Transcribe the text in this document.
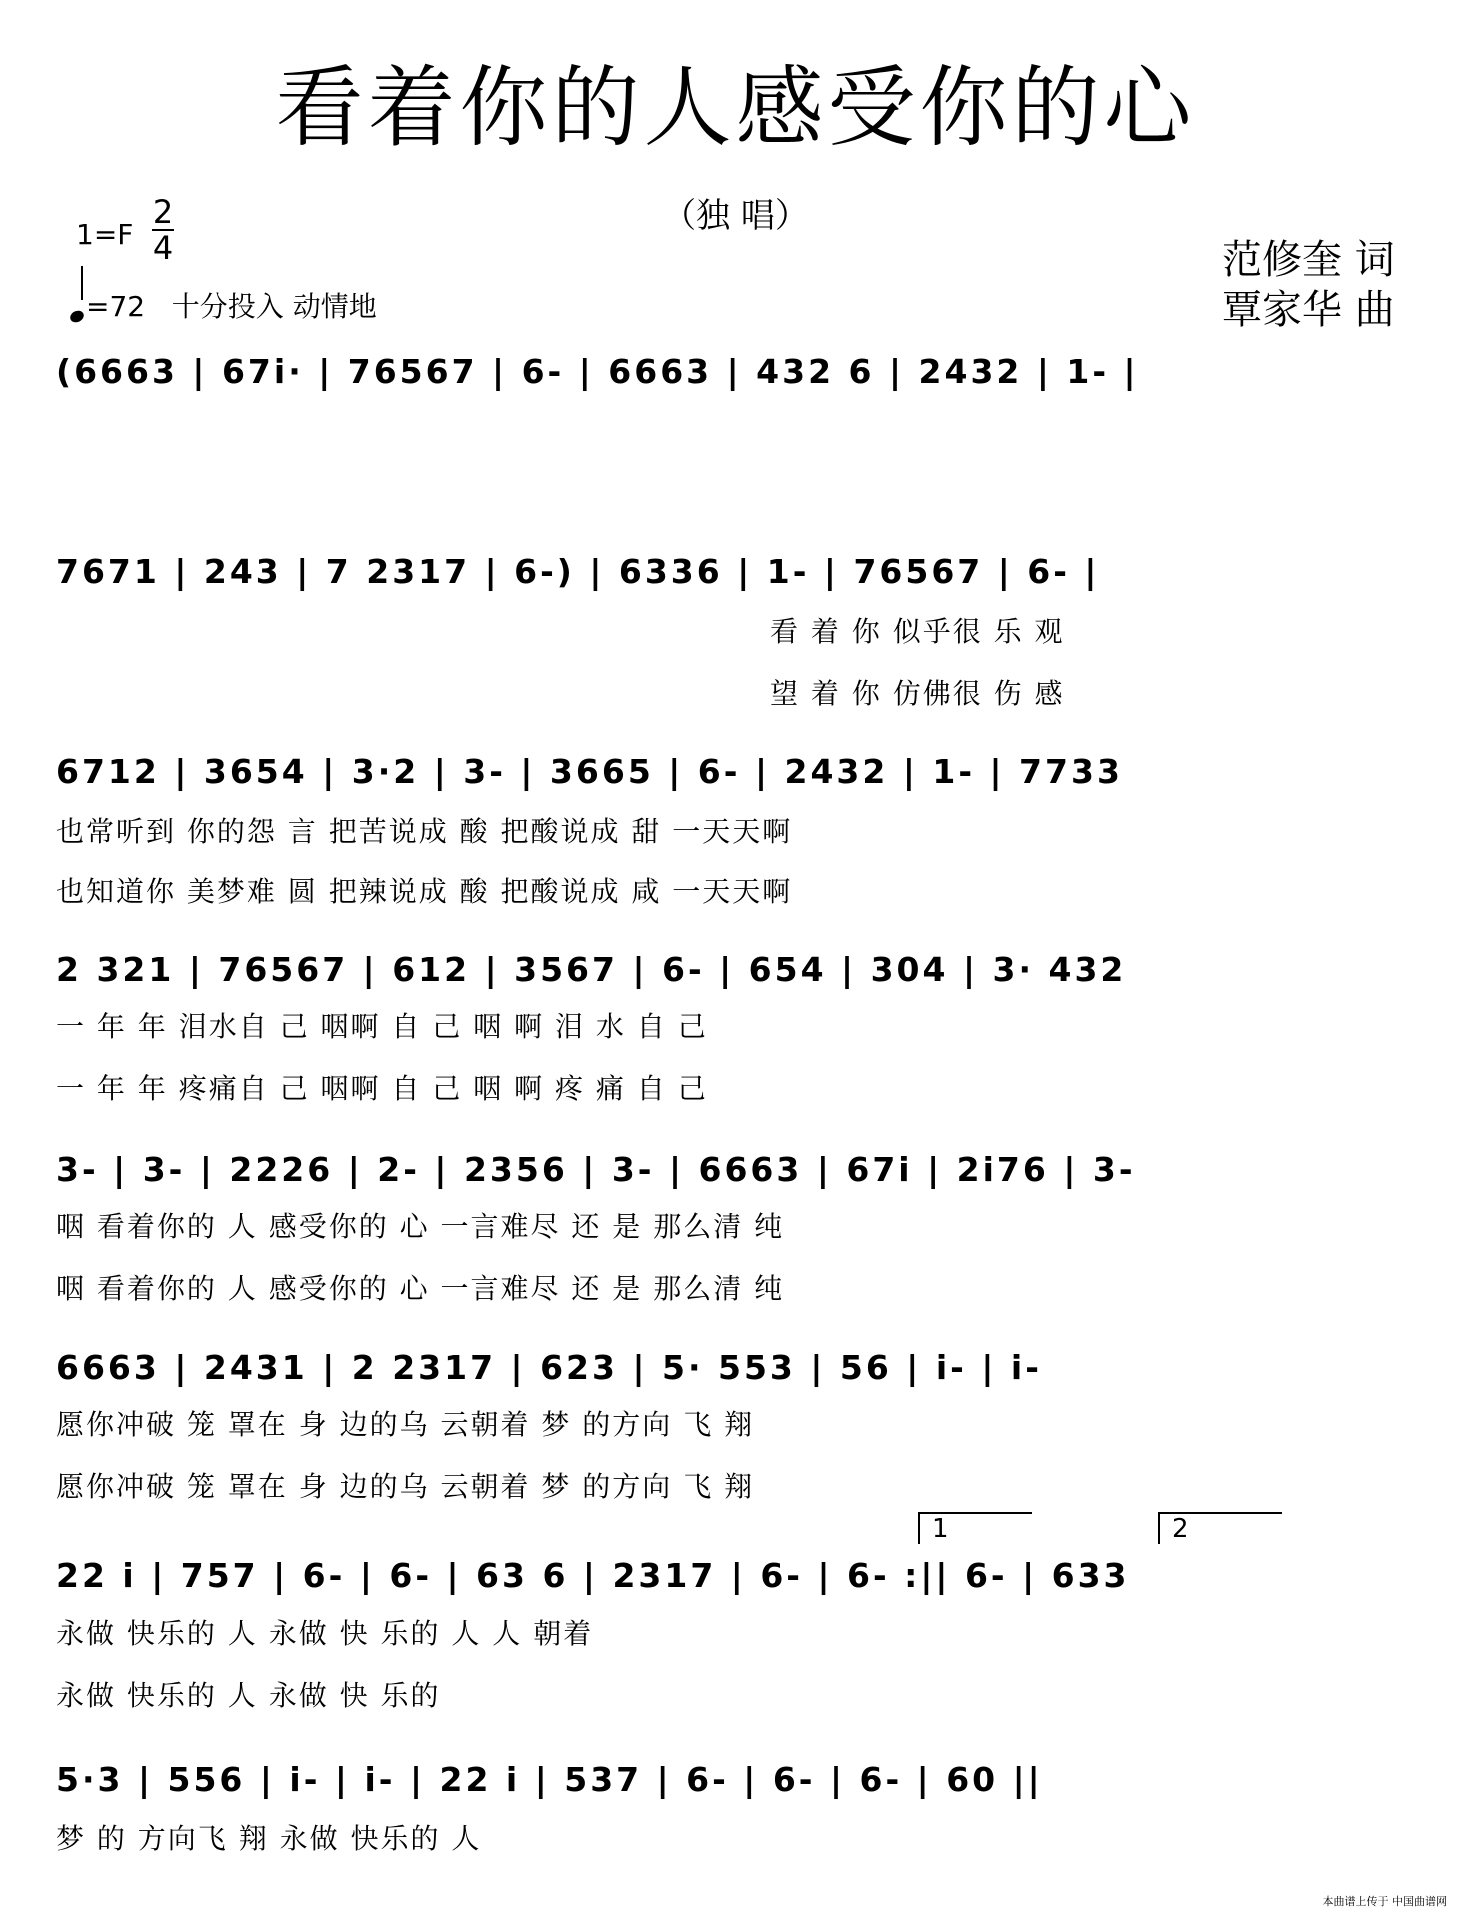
看着你的人感受你的心
（独 唱）
1=F
2
4
=72 十分投入 动情地
范修奎 词
覃家华 曲
(6663 | 67i· | 76567 | 6- | 6663 | 432 6 | 2432 | 1- |
7671 | 243 | 7 2317 | 6-) | 6336 | 1- | 76567 | 6- |
看 着 你 似乎很 乐 观
望 着 你 仿佛很 伤 感
6712 | 3654 | 3·2 | 3- | 3665 | 6- | 2432 | 1- | 7733
也常听到 你的怨 言 把苦说成 酸 把酸说成 甜 一天天啊
也知道你 美梦难 圆 把辣说成 酸 把酸说成 咸 一天天啊
2 321 | 76567 | 612 | 3567 | 6- | 654 | 304 | 3· 432
一 年 年 泪水自 己 咽啊 自 己 咽 啊 泪 水 自 己
一 年 年 疼痛自 己 咽啊 自 己 咽 啊 疼 痛 自 己
3- | 3- | 2226 | 2- | 2356 | 3- | 6663 | 67i | 2i76 | 3-
咽 看着你的 人 感受你的 心 一言难尽 还 是 那么清 纯
咽 看着你的 人 感受你的 心 一言难尽 还 是 那么清 纯
6663 | 2431 | 2 2317 | 623 | 5· 553 | 56 | i- | i-
愿你冲破 笼 罩在 身 边的乌 云朝着 梦 的方向 飞 翔
愿你冲破 笼 罩在 身 边的乌 云朝着 梦 的方向 飞 翔
1	2
22 i | 757 | 6- | 6- | 63 6 | 2317 | 6- | 6- :|| 6- | 633
永做 快乐的 人 永做 快 乐的 人 人 朝着
永做 快乐的 人 永做 快 乐的
5·3 | 556 | i- | i- | 22 i | 537 | 6- | 6- | 6- | 60 ||
梦 的 方向飞 翔 永做 快乐的 人
本曲谱上传于 中国曲谱网
